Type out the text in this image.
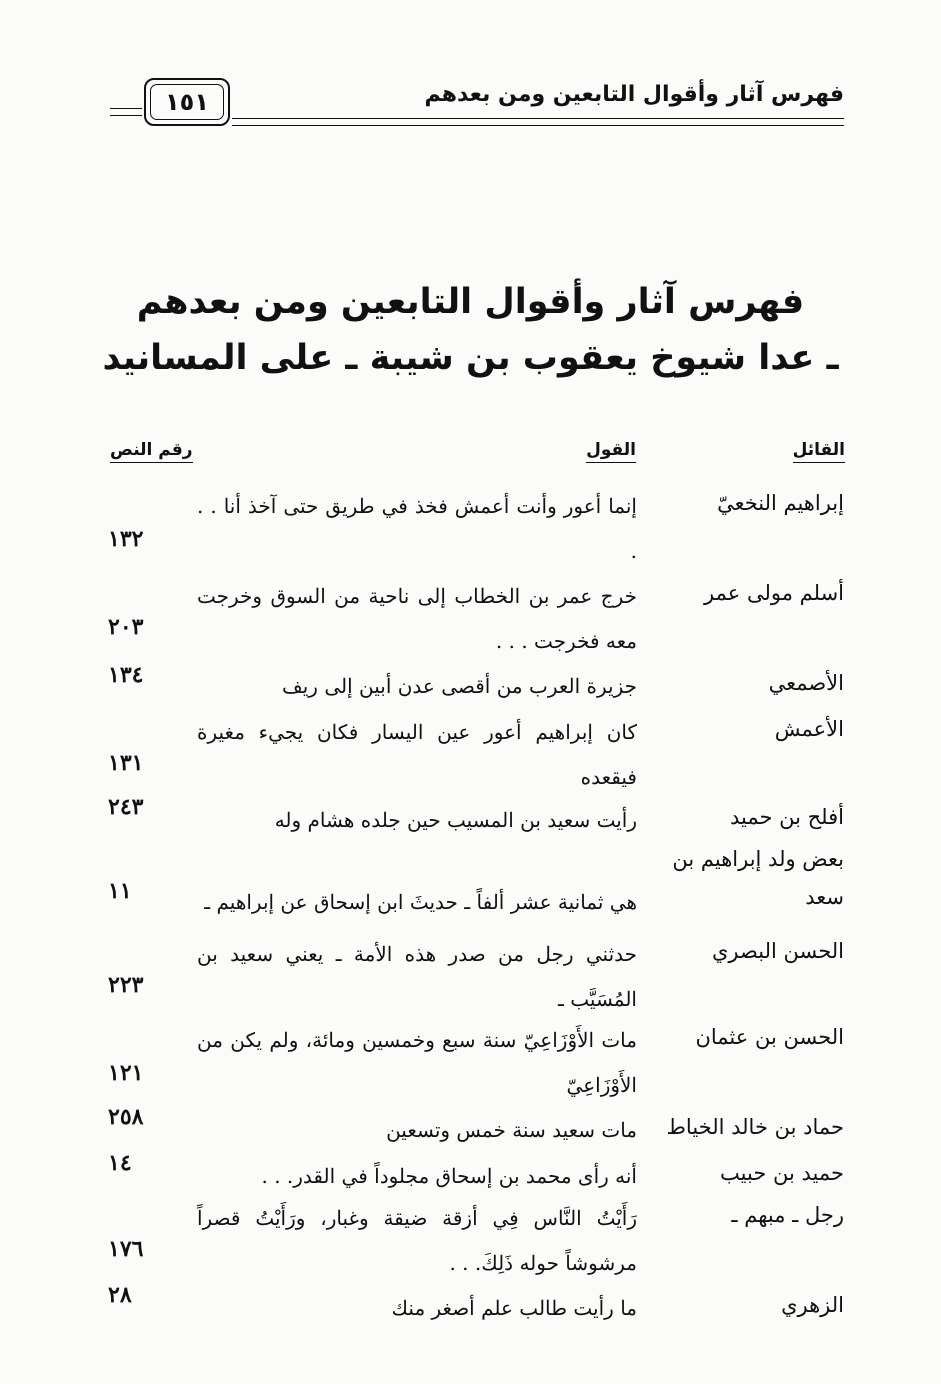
فهرس آثار وأقوال التابعين ومن بعدهم
١٥١
فهرس آثار وأقوال التابعين ومن بعدهم
ـ عدا شيوخ يعقوب بن شيبة ـ على المسانيد
القائل
القول
رقم النص
إبراهيم النخعيّ
إنما أعور وأنت أعمش فخذ في طريق حتى آخذ أنا . . .
١٣٢
أسلم مولى عمر
خرج عمر بن الخطاب إلى ناحية من السوق وخرجت معه فخرجت . . .
٢٠٣
الأصمعي
جزيرة العرب من أقصى عدن أبين إلى ريف
١٣٤
الأعمش
كان إبراهيم أعور عين اليسار فكان يجيء مغيرة فيقعده
١٣١
أفلح بن حميد
رأيت سعيد بن المسيب حين جلده هشام وله
٢٤٣
بعض ولد إبراهيم بن سعد
هي ثمانية عشر ألفاً ـ حديثَ ابن إسحاق عن إبراهيم ـ
١١
الحسن البصري
حدثني رجل من صدر هذه الأمة ـ يعني سعيد بن المُسَيَّب ـ
٢٢٣
الحسن بن عثمان
مات الأَوْزَاعِيّ سنة سبع وخمسين ومائة، ولم يكن من الأَوْزَاعِيّ
١٢١
حماد بن خالد الخياط
مات سعيد سنة خمس وتسعين
٢٥٨
حميد بن حبيب
أنه رأى محمد بن إسحاق مجلوداً في القدر. . .
١٤
رجل ـ مبهم ـ
رَأَيْتُ النَّاس فِي أزقة ضيقة وغبار، ورَأَيْتُ قصراً مرشوشاً حوله ذَلِكَ. . .
١٧٦
الزهري
ما رأيت طالب علم أصغر منك
٢٨
